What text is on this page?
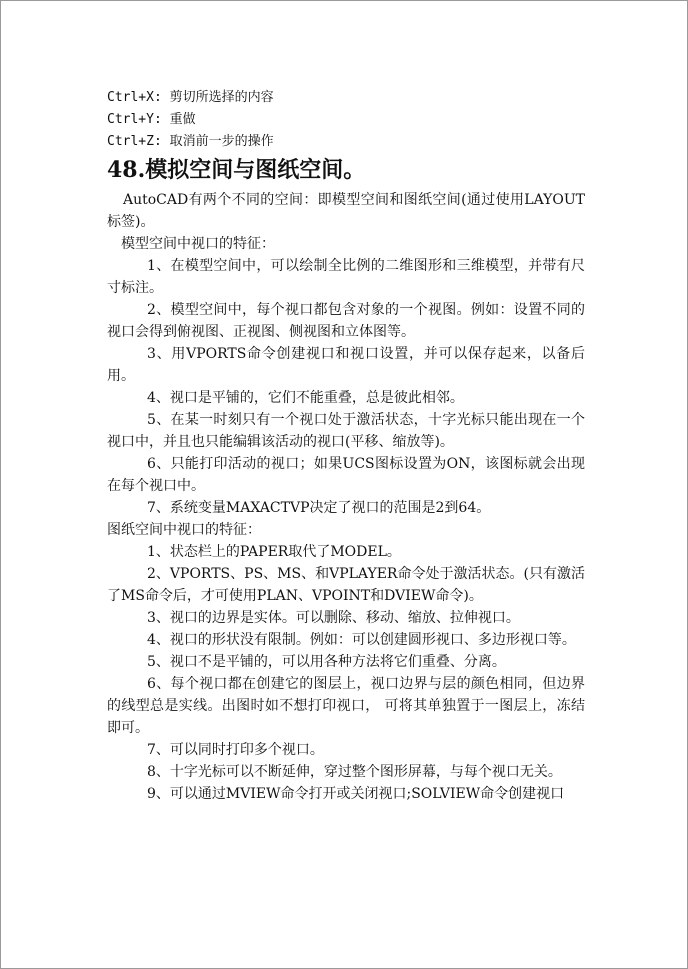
Ctrl+X: 剪切所选择的内容
Ctrl+Y: 重做
Ctrl+Z: 取消前一步的操作
48.模拟空间与图纸空间。
AutoCAD有两个不同的空间：即模型空间和图纸空间(通过使用LAYOUT标签)。
模型空间中视口的特征：
1、在模型空间中，可以绘制全比例的二维图形和三维模型，并带有尺寸标注。
2、模型空间中，每个视口都包含对象的一个视图。例如：设置不同的视口会得到俯视图、正视图、侧视图和立体图等。
3、用VPORTS命令创建视口和视口设置，并可以保存起来，以备后用。
4、视口是平铺的，它们不能重叠，总是彼此相邻。
5、在某一时刻只有一个视口处于激活状态，十字光标只能出现在一个视口中，并且也只能编辑该活动的视口(平移、缩放等)。
6、只能打印活动的视口；如果UCS图标设置为ON，该图标就会出现在每个视口中。
7、系统变量MAXACTVP决定了视口的范围是2到64。
图纸空间中视口的特征：
1、状态栏上的PAPER取代了MODEL。
2、VPORTS、PS、MS、和VPLAYER命令处于激活状态。(只有激活了MS命令后，才可使用PLAN、VPOINT和DVIEW命令)。
3、视口的边界是实体。可以删除、移动、缩放、拉伸视口。
4、视口的形状没有限制。例如：可以创建圆形视口、多边形视口等。
5、视口不是平铺的，可以用各种方法将它们重叠、分离。
6、每个视口都在创建它的图层上，视口边界与层的颜色相同，但边界的线型总是实线。出图时如不想打印视口， 可将其单独置于一图层上，冻结即可。
7、可以同时打印多个视口。
8、十字光标可以不断延伸，穿过整个图形屏幕，与每个视口无关。
9、可以通过MVIEW命令打开或关闭视口;SOLVIEW命令创建视口
